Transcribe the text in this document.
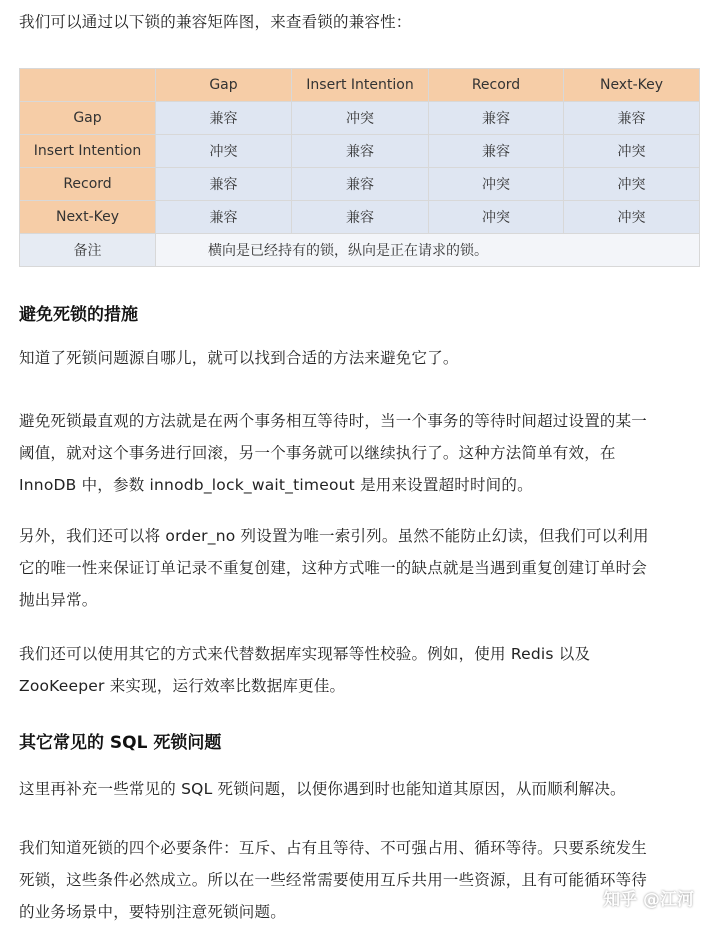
我们可以通过以下锁的兼容矩阵图，来查看锁的兼容性：
	Gap	Insert Intention	Record	Next-Key
Gap	兼容	冲突	兼容	兼容
Insert Intention	冲突	兼容	兼容	冲突
Record	兼容	兼容	冲突	冲突
Next-Key	兼容	兼容	冲突	冲突
备注	横向是已经持有的锁，纵向是正在请求的锁。			
避免死锁的措施
知道了死锁问题源自哪儿，就可以找到合适的方法来避免它了。
避免死锁最直观的方法就是在两个事务相互等待时，当一个事务的等待时间超过设置的某一
阈值，就对这个事务进行回滚，另一个事务就可以继续执行了。这种方法简单有效，在
InnoDB 中，参数 innodb_lock_wait_timeout 是用来设置超时时间的。
另外，我们还可以将 order_no 列设置为唯一索引列。虽然不能防止幻读，但我们可以利用
它的唯一性来保证订单记录不重复创建，这种方式唯一的缺点就是当遇到重复创建订单时会
抛出异常。
我们还可以使用其它的方式来代替数据库实现幂等性校验。例如，使用 Redis 以及
ZooKeeper 来实现，运行效率比数据库更佳。
其它常见的 SQL 死锁问题
这里再补充一些常见的 SQL 死锁问题，以便你遇到时也能知道其原因，从而顺利解决。
我们知道死锁的四个必要条件：互斥、占有且等待、不可强占用、循环等待。只要系统发生
死锁，这些条件必然成立。所以在一些经常需要使用互斥共用一些资源，且有可能循环等待
的业务场景中，要特别注意死锁问题。
知乎 @江河
